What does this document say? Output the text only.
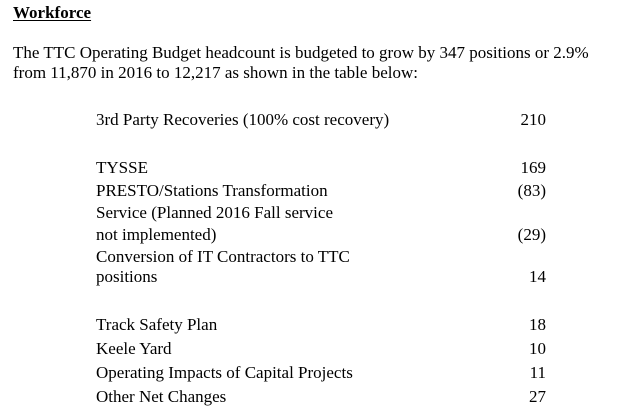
Workforce
The TTC Operating Budget headcount is budgeted to grow by 347 positions or 2.9%
from 11,870 in 2016 to 12,217 as shown in the table below:
3rd Party Recoveries (100% cost recovery)	210
TYSSE	169
PRESTO/Stations Transformation	(83)
Service (Planned 2016 Fall service
not implemented)	(29)
Conversion of IT Contractors to TTC
positions	14
Track Safety Plan	18
Keele Yard	10
Operating Impacts of Capital Projects	11
Other Net Changes	27
